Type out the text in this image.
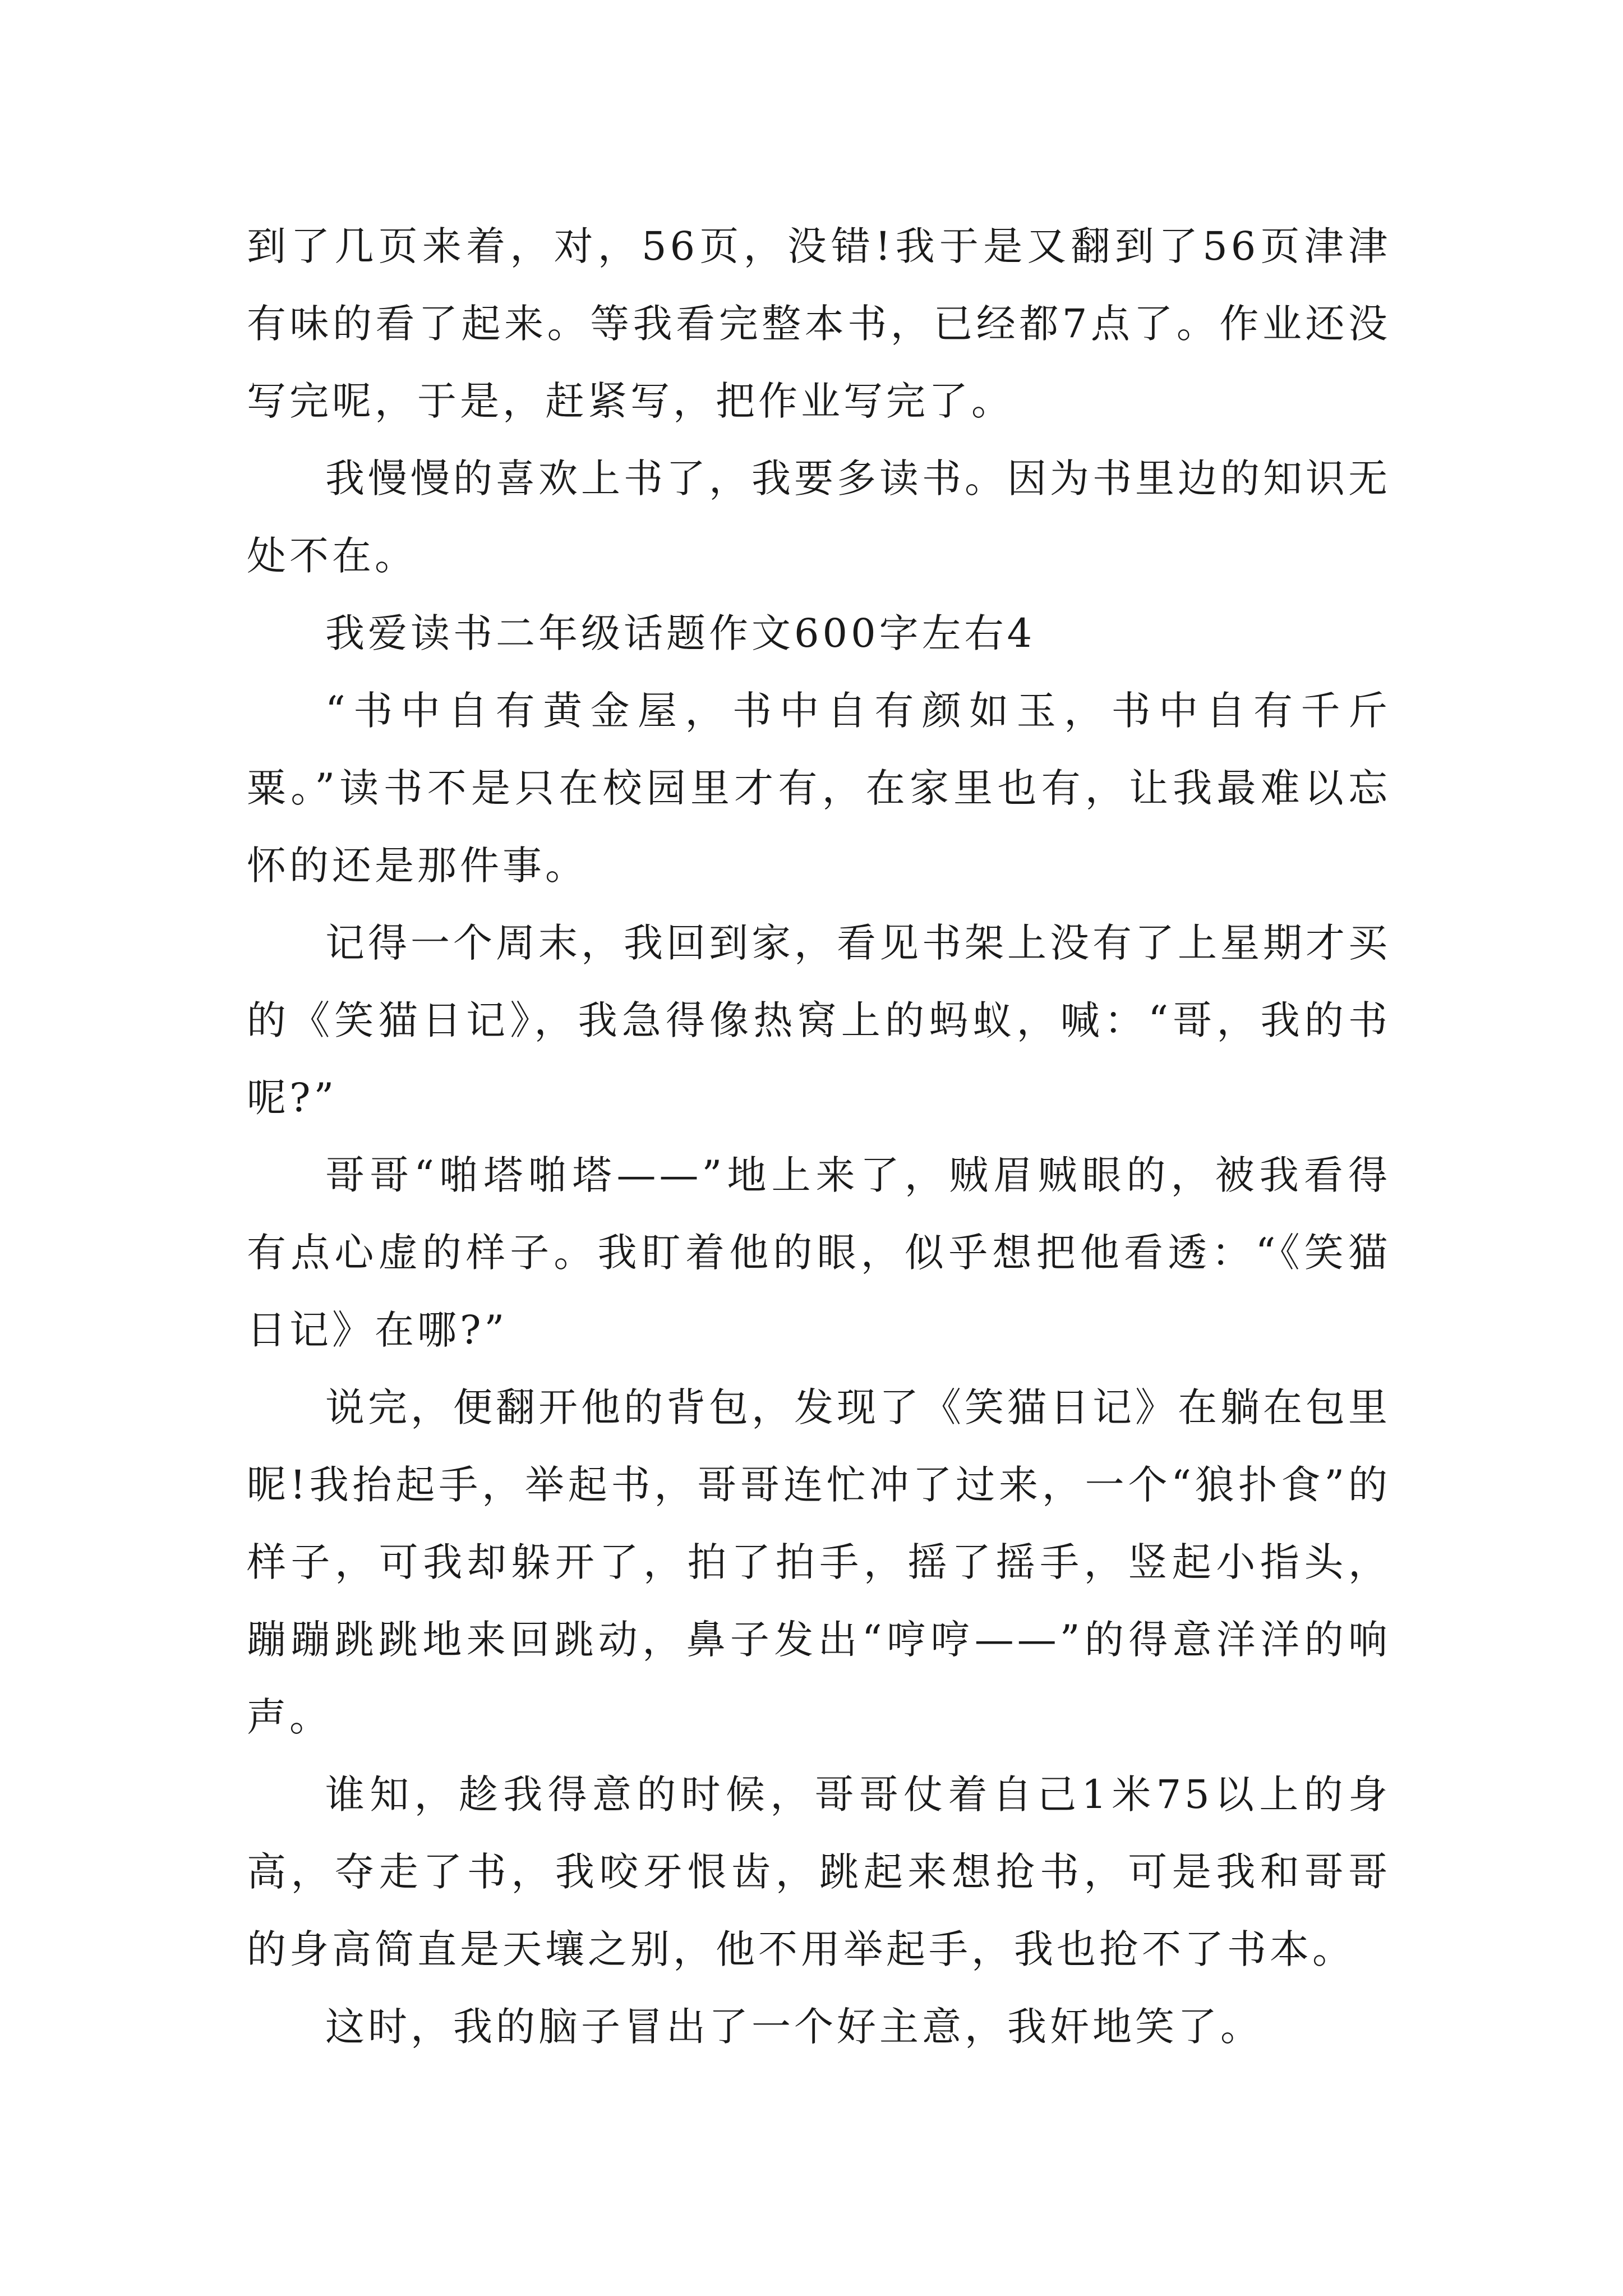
到了几页来着，对，56页，没错!我于是又翻到了56页津津有味的看了起来。等我看完整本书，已经都7点了。作业还没写完呢，于是，赶紧写，把作业写完了。

我慢慢的喜欢上书了，我要多读书。因为书里边的知识无处不在。

我爱读书二年级话题作文600字左右4

“书中自有黄金屋，书中自有颜如玉，书中自有千斤粟。”读书不是只在校园里才有，在家里也有，让我最难以忘怀的还是那件事。

记得一个周末，我回到家，看见书架上没有了上星期才买的《笑猫日记》，我急得像热窝上的蚂蚁，喊：“哥，我的书呢?”

哥哥“啪塔啪塔——”地上来了，贼眉贼眼的，被我看得有点心虚的样子。我盯着他的眼，似乎想把他看透：“《笑猫日记》在哪?”

说完，便翻开他的背包，发现了《笑猫日记》在躺在包里昵!我抬起手，举起书，哥哥连忙冲了过来，一个“狼扑食”的样子，可我却躲开了，拍了拍手，摇了摇手，竖起小指头，蹦蹦跳跳地来回跳动，鼻子发出“哼哼——”的得意洋洋的响声。

谁知，趁我得意的时候，哥哥仗着自己1米75以上的身高，夺走了书，我咬牙恨齿，跳起来想抢书，可是我和哥哥的身高简直是天壤之别，他不用举起手，我也抢不了书本。

这时，我的脑子冒出了一个好主意，我奸地笑了。
